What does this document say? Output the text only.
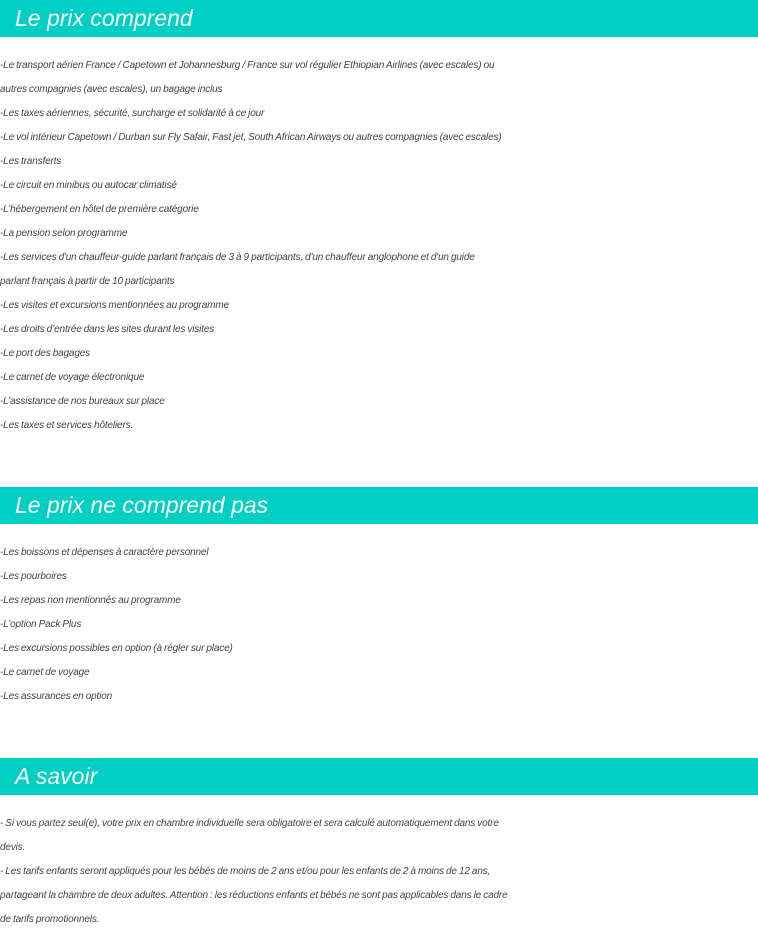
Le prix comprend

-Le transport aérien France / Capetown et Johannesburg / France sur vol régulier Ethiopian Airlines (avec escales) ou

autres compagnies (avec escales), un bagage inclus

-Les taxes aériennes, sécurité, surcharge et solidarité à ce jour

-Le vol intérieur Capetown / Durban sur Fly Safair, Fast jet, South African Airways ou autres compagnies (avec escales)

-Les transferts

-Le circuit en minibus ou autocar climatisé

-L’hébergement en hôtel de première catégorie

-La pension selon programme

-Les services d'un chauffeur-guide parlant français de 3 à 9 participants, d'un chauffeur anglophone et d'un guide

parlant français à partir de 10 participants

-Les visites et excursions mentionnées au programme

-Les droits d’entrée dans les sites durant les visites

-Le port des bagages

-Le carnet de voyage électronique

-L’assistance de nos bureaux sur place

-Les taxes et services hôteliers.

Le prix ne comprend pas

-Les boissons et dépenses à caractère personnel

-Les pourboires

-Les repas non mentionnés au programme

-L’option Pack Plus

-Les excursions possibles en option (à régler sur place)

-Le carnet de voyage

-Les assurances en option

A savoir

- Si vous partez seul(e), votre prix en chambre individuelle sera obligatoire et sera calculé automatiquement dans votre

devis.

- Les tarifs enfants seront appliqués pour les bébés de moins de 2 ans et/ou pour les enfants de 2 à moins de 12 ans,

partageant la chambre de deux adultes. Attention : les réductions enfants et bébés ne sont pas applicables dans le cadre

de tarifs promotionnels.
